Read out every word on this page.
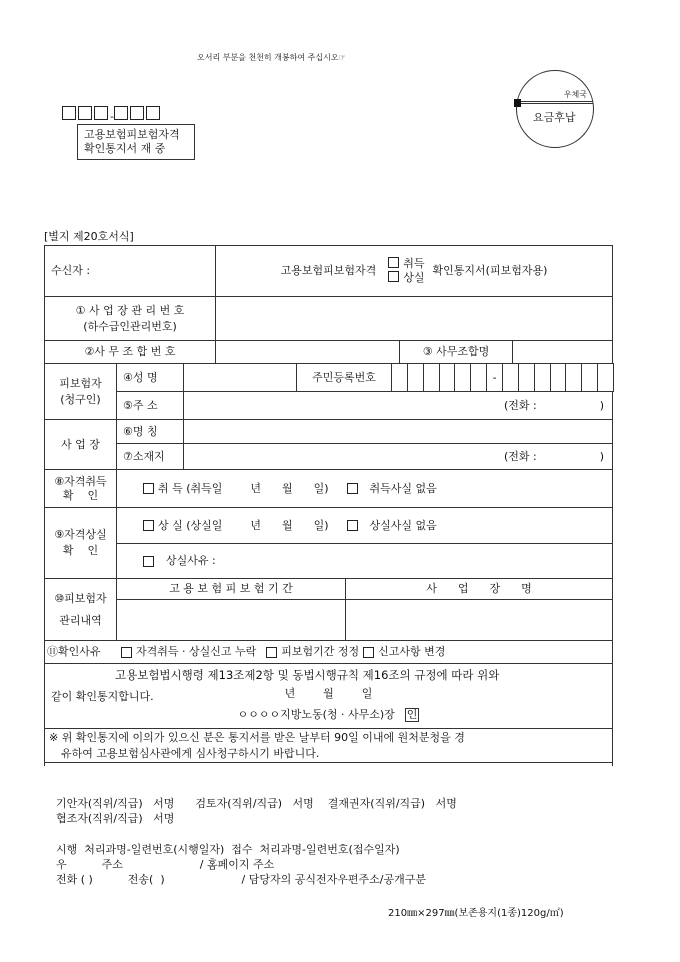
오서리 부분을 천천히 개봉하여 주십시오☞
-
고용보험피보험자격
확인통지서 재 중
우체국
요금후납
[별지 제20호서식]
수신자 :	고용보험피보험자격
취득
상실
확인통지서(피보험자용)
① 사 업 장 관 리 번 호
(하수급인관리번호)
②사 무 조 합 번 호	③ 사무조합명
피보험자
(청구인)
④성 명	주민등록번호	-
⑤주 소	(전화 :                  )
사 업 장
⑥명 칭
⑦소재지	(전화 :                  )
⑧자격취득
확    인
취 득 (취득일        년      월      일)	취득사실 없음
⑨자격상실
확    인
상 실 (상실일        년      월      일)	상실사실 없음
상실사유 :
⑩피보험자
관리내역
고 용 보 험 피 보 험 기 간	사      업      장      명
⑪확인사유	자격취득 · 상실신고 누락 피보험기간 정정 신고사항 변경
고용보험법시행령 제13조제2항 및 동법시행규칙 제16조의 규정에 따라 위와
같이 확인통지합니다.	년        월        일
ㅇㅇㅇㅇ지방노동(청 · 사무소)장 인
※ 위 확인통지에 이의가 있으신 분은 통지서를 받은 날부터 90일 이내에 원처분청을 경
유하여 고용보험심사관에게 심사청구하시기 바랍니다.
기안자(직위/직급)   서명      검토자(직위/직급)   서명    결재권자(직위/직급)   서명
협조자(직위/직급)   서명
시행  처리과명-일련번호(시행일자)  접수  처리과명-일련번호(접수일자)
우          주소                      / 홈페이지 주소
전화 ( )          전송(  )                      / 담당자의 공식전자우편주소/공개구분
210㎜×297㎜(보존용지(1종)120g/㎡)
